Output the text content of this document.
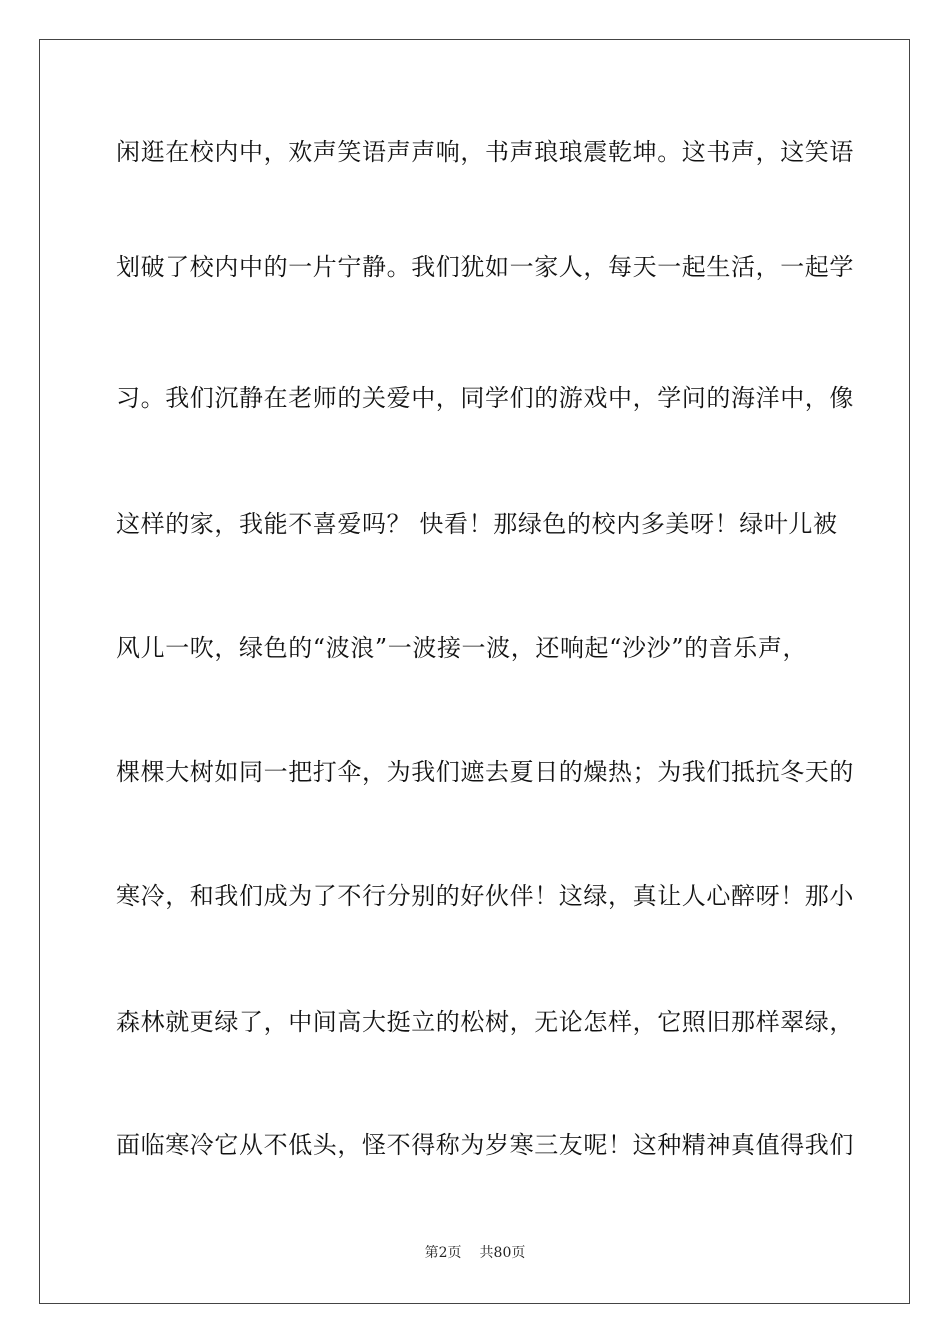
闲逛在校内中，欢声笑语声声响，书声琅琅震乾坤。这书声，这笑语
划破了校内中的一片宁静。我们犹如一家人，每天一起生活，一起学
习。我们沉静在老师的关爱中，同学们的游戏中，学问的海洋中，像
这样的家，我能不喜爱吗？ 快看！那绿色的校内多美呀！绿叶儿被
风儿一吹，绿色的“波浪”一波接一波，还响起“沙沙”的音乐声，
棵棵大树如同一把打伞，为我们遮去夏日的燥热；为我们抵抗冬天的
寒冷，和我们成为了不行分别的好伙伴！这绿，真让人心醉呀！那小
森林就更绿了，中间高大挺立的松树，无论怎样，它照旧那样翠绿，
面临寒冷它从不低头，怪不得称为岁寒三友呢！这种精神真值得我们
第2页 共80页
